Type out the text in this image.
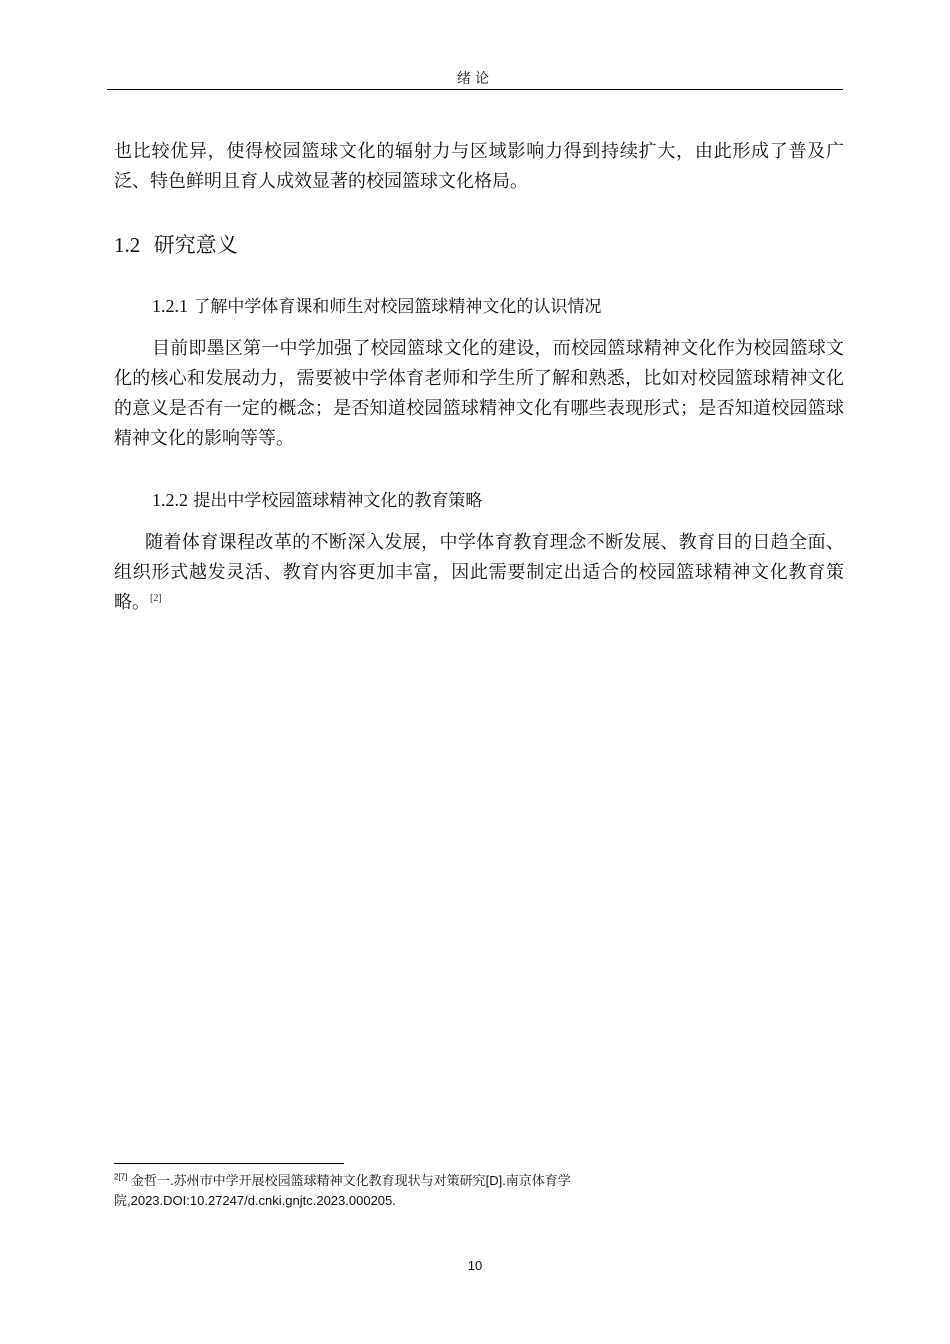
绪论

也比较优异，使得校园篮球文化的辐射力与区域影响力得到持续扩大，由此形成了普及广泛、特色鲜明且育人成效显著的校园篮球文化格局。

1.2 研究意义
1.2.1 了解中学体育课和师生对校园篮球精神文化的认识情况

目前即墨区第一中学加强了校园篮球文化的建设，而校园篮球精神文化作为校园篮球文化的核心和发展动力，需要被中学体育老师和学生所了解和熟悉，比如对校园篮球精神文化的意义是否有一定的概念；是否知道校园篮球精神文化有哪些表现形式；是否知道校园篮球精神文化的影响等等。

1.2.2 提出中学校园篮球精神文化的教育策略

随着体育课程改革的不断深入发展，中学体育教育理念不断发展、教育目的日趋全面、组织形式越发灵活、教育内容更加丰富，因此需要制定出适合的校园篮球精神文化教育策略。[2]

$^{2[7]}$ 金哲一.苏州市中学开展校园篮球精神文化教育现状与对策研究[D].南京体育学院,2023.DOI:10.27247/d.cnki.gnjtc.2023.000205.
10
